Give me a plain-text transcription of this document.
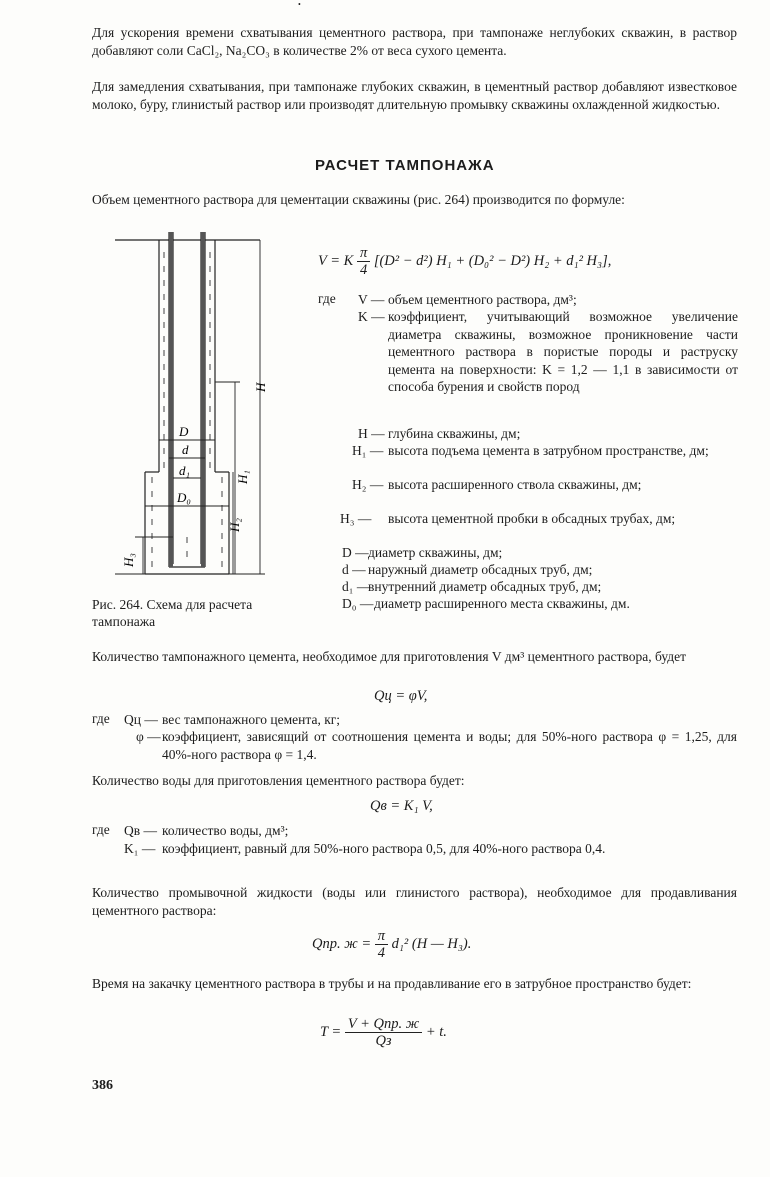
•
Для ускорения времени схватывания цементного раствора, при тампонаже неглубоких скважин, в раствор добавляют соли CaCl₂, Na₂CO₃ в количестве 2% от веса сухого цемента.
Для замедления схватывания, при тампонаже глубоких скважин, в цементный раствор добавляют известковое молоко, буру, глинистый раствор или производят длительную промывку скважины охлажденной жидкостью.
РАСЧЕТ ТАМПОНАЖА
Объем цементного раствора для цементации скважины (рис. 264) производится по формуле:
H
H₁
H₂
H₃
D
d
d₁
D₀
Рис. 264. Схема для расчета тампонажа
V = K $\frac{\pi}{4} [(D^2 - d^2) H_1 + (D_0^2 - D^2) H_2 + d_1^2$ H₃],
где V — объем цементного раствора, дм³;
K — коэффициент, учитывающий возможное увеличение диаметра скважины, возможное проникновение части цементного раствора в пористые породы и раструску цемента на поверхности: K = 1,2 — 1,1 в зависимости от способа бурения и свойств пород
H — глубина скважины, дм;
H₁ — высота подъема цемента в затрубном пространстве, дм;
H₂ — высота расширенного ствола скважины, дм;
H₃ — высота цементной пробки в обсадных трубах, дм;
D — диаметр скважины, дм;
d — наружный диаметр обсадных труб, дм;
d₁ —
внутренний диаметр обсадных труб, дм;
D₀ — диаметр расширенного места скважины, дм.
Количество тампонажного цемента, необходимое для приготовления V дм³ цементного раствора, будет
Qц = φV,
где Qц — вес тампонажного цемента, кг;
φ — коэффициент, зависящий от соотношения цемента и воды; для 50%-ного раствора φ = 1,25, для 40%-ного раствора φ = 1,4.
Количество воды для приготовления цементного раствора будет:
Qв = K₁ V,
где Qв — количество воды, дм³;
K₁ — коэффициент, равный для 50%-ного раствора 0,5, для 40%-ного раствора 0,4.
Количество промывочной жидкости (воды или глинистого раствора), необходимое для продавливания цементного раствора:
Qпр. $ж = \frac{\pi}{4} d_1^2$ (H — H₃).
Время на закачку цементного раствора в трубы и на продавливание его в затрубное пространство будет:
$T = \frac{\text{V + Qпр. ж}}{Qз} + t$.
386
